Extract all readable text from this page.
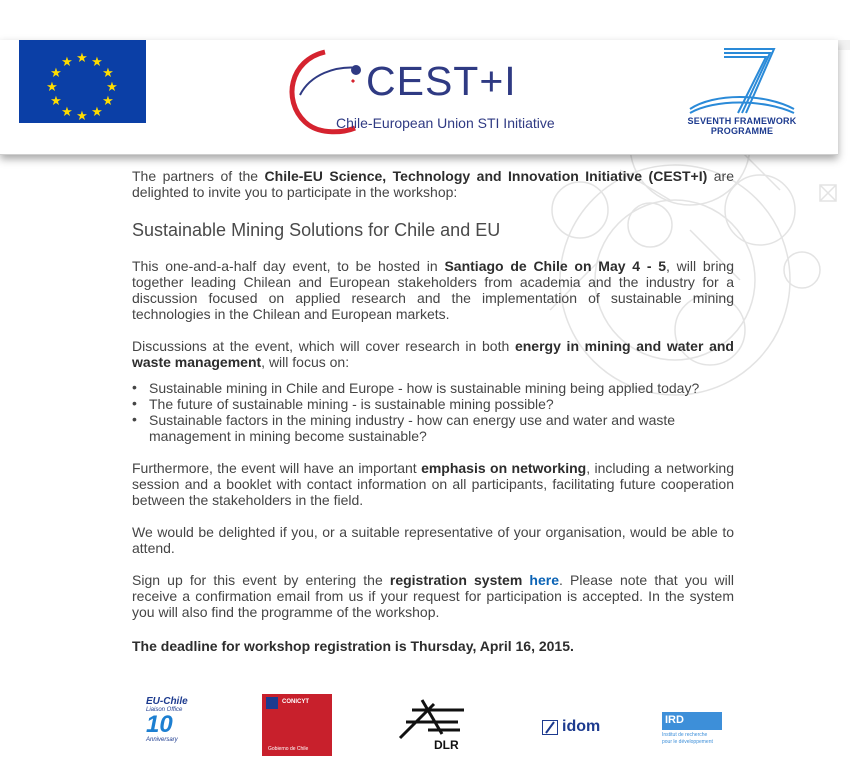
★ ★
★
★
★
★
★
★
★
★
★
★	CEST+I
Chile-European Union STI Initiative	SEVENTH FRAMEWORK
PROGRAMME

The partners of the Chile-EU Science, Technology and Innovation Initiative (CEST+I) are delighted to invite you to participate in the workshop:

Sustainable Mining Solutions for Chile and EU

This one-and-a-half day event, to be hosted in Santiago de Chile on May 4 - 5, will bring together leading Chilean and European stakeholders from academia and the industry for a discussion focused on applied research and the implementation of sustainable mining technologies in the Chilean and European markets.

Discussions at the event, which will cover research in both energy in mining and water and waste management, will focus on:

• Sustainable mining in Chile and Europe - how is sustainable mining being applied today?
• The future of sustainable mining - is sustainable mining possible?
• Sustainable factors in the mining industry - how can energy use and water and waste management in mining become sustainable?

Furthermore, the event will have an important emphasis on networking, including a networking session and a booklet with contact information on all participants, facilitating future cooperation between the stakeholders in the field.

We would be delighted if you, or a suitable representative of your organisation, would be able to attend.

Sign up for this event by entering the registration system here. Please note that you will receive a confirmation email from us if your request for participation is accepted. In the system you will also find the programme of the workshop.

The deadline for workshop registration is Thursday, April 16, 2015.

EU-Chile
Liaison Office
10
Anniversary
CONICYT
Gobierno de Chile	DLR
idom	IRD
Institut de recherche
pour le développement
